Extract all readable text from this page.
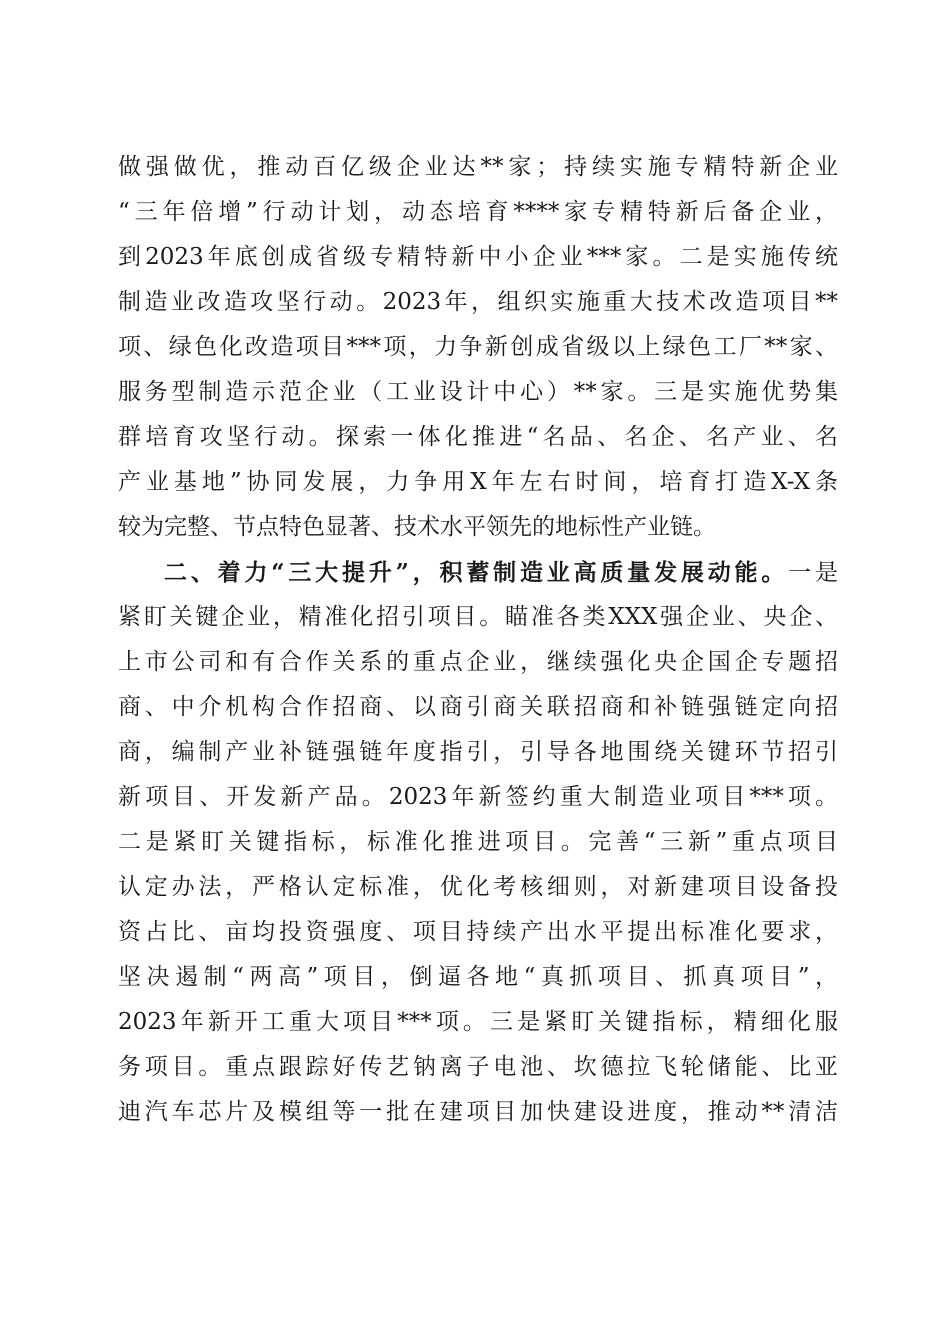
做强做优，推动百亿级企业达**家；持续实施专精特新企业
“三年倍增”行动计划，动态培育****家专精特新后备企业，
到2023年底创成省级专精特新中小企业***家。二是实施传统
制造业改造攻坚行动。2023年，组织实施重大技术改造项目**
项、绿色化改造项目***项，力争新创成省级以上绿色工厂**家、
服务型制造示范企业（工业设计中心）**家。三是实施优势集
群培育攻坚行动。探索一体化推进“名品、名企、名产业、名
产业基地”协同发展，力争用X年左右时间，培育打造X-X条
较为完整、节点特色显著、技术水平领先的地标性产业链。
二、着力“三大提升”，积蓄制造业高质量发展动能。一是
紧盯关键企业，精准化招引项目。瞄准各类XXX强企业、央企、
上市公司和有合作关系的重点企业，继续强化央企国企专题招
商、中介机构合作招商、以商引商关联招商和补链强链定向招
商，编制产业补链强链年度指引，引导各地围绕关键环节招引
新项目、开发新产品。2023年新签约重大制造业项目***项。
二是紧盯关键指标，标准化推进项目。完善“三新”重点项目
认定办法，严格认定标准，优化考核细则，对新建项目设备投
资占比、亩均投资强度、项目持续产出水平提出标准化要求，
坚决遏制“两高”项目，倒逼各地“真抓项目、抓真项目”，
2023年新开工重大项目***项。三是紧盯关键指标，精细化服
务项目。重点跟踪好传艺钠离子电池、坎德拉飞轮储能、比亚
迪汽车芯片及模组等一批在建项目加快建设进度，推动**清洁
